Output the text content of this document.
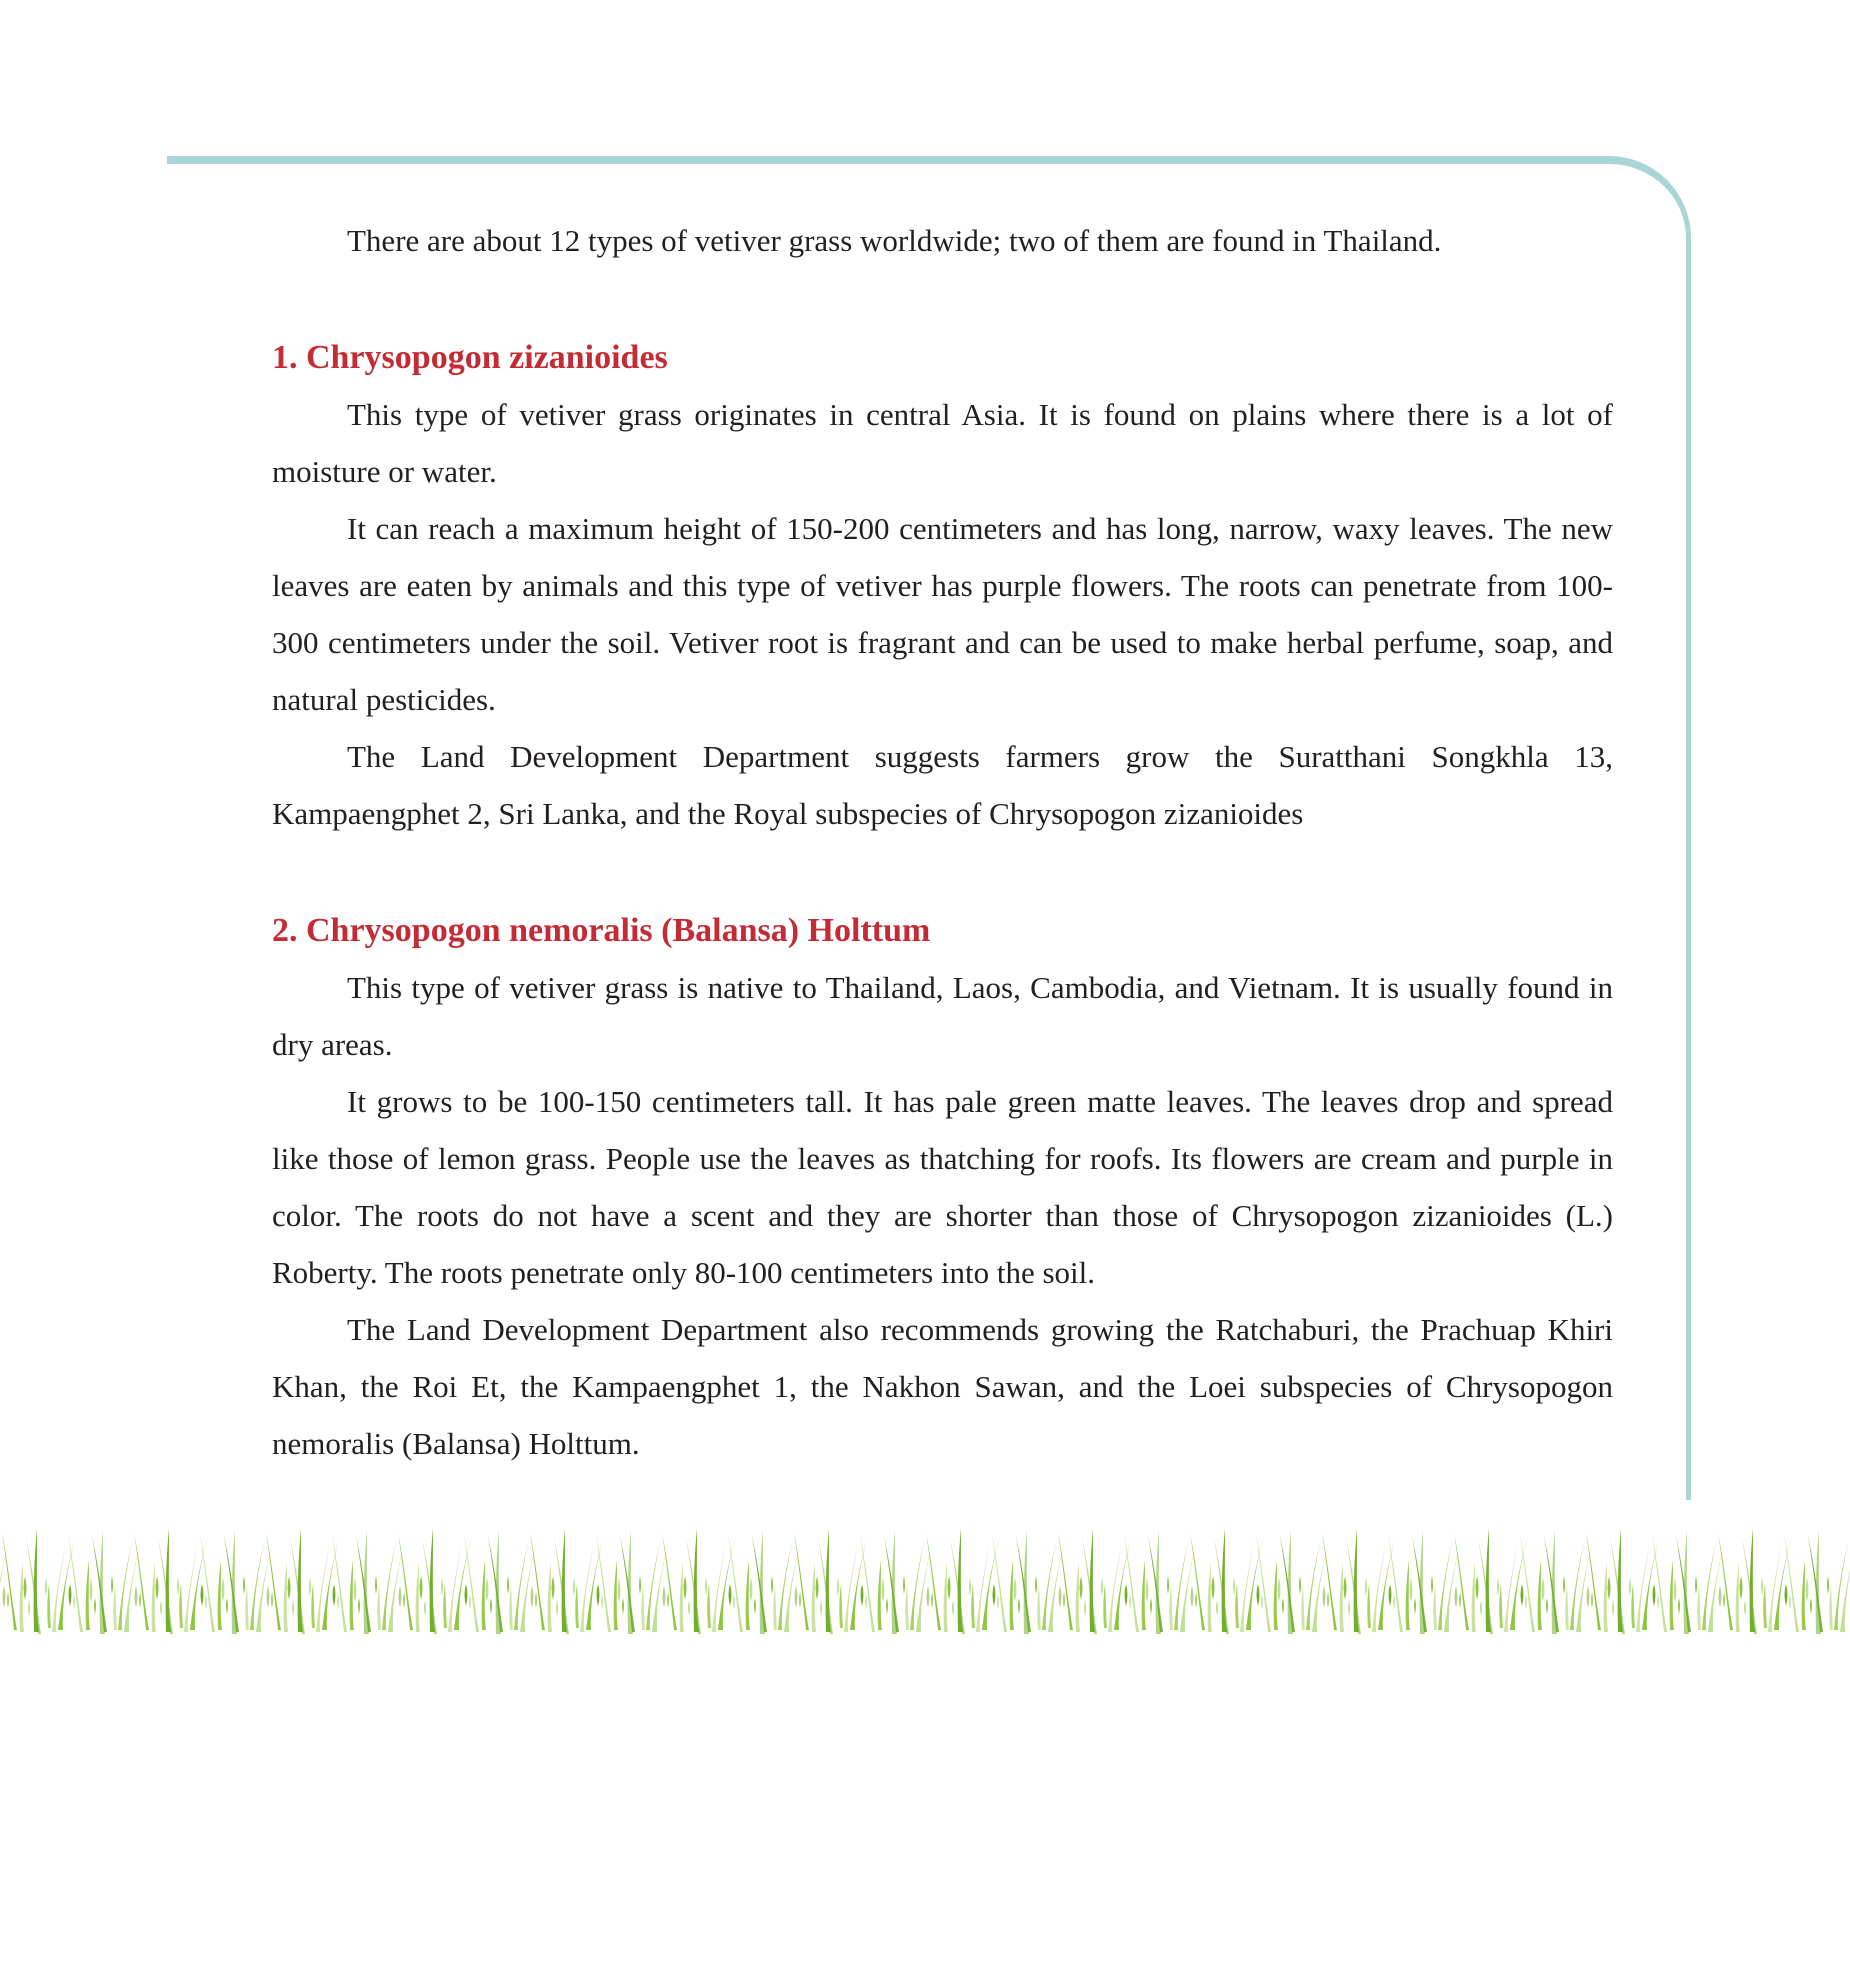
There are about 12 types of vetiver grass worldwide; two of them are found in Thailand.

1. Chrysopogon zizanioides

This type of vetiver grass originates in central Asia. It is found on plains where there is a lot of moisture or water.

It can reach a maximum height of 150-200 centimeters and has long, narrow, waxy leaves. The new leaves are eaten by animals and this type of vetiver has purple flowers. The roots can penetrate from 100-300 centimeters under the soil. Vetiver root is fragrant and can be used to make herbal perfume, soap, and natural pesticides.

The Land Development Department suggests farmers grow the Suratthani Songkhla 13, Kampaengphet 2, Sri Lanka, and the Royal subspecies of Chrysopogon zizanioides

2. Chrysopogon nemoralis (Balansa) Holttum

This type of vetiver grass is native to Thailand, Laos, Cambodia, and Vietnam. It is usually found in dry areas.

It grows to be 100-150 centimeters tall. It has pale green matte leaves. The leaves drop and spread like those of lemon grass. People use the leaves as thatching for roofs. Its flowers are cream and purple in color. The roots do not have a scent and they are shorter than those of Chrysopogon zizanioides (L.) Roberty. The roots penetrate only 80-100 centimeters into the soil.

The Land Development Department also recommends growing the Ratchaburi, the Prachuap Khiri Khan, the Roi Et, the Kampaengphet 1, the Nakhon Sawan, and the Loei subspecies of Chrysopogon nemoralis (Balansa) Holttum.
